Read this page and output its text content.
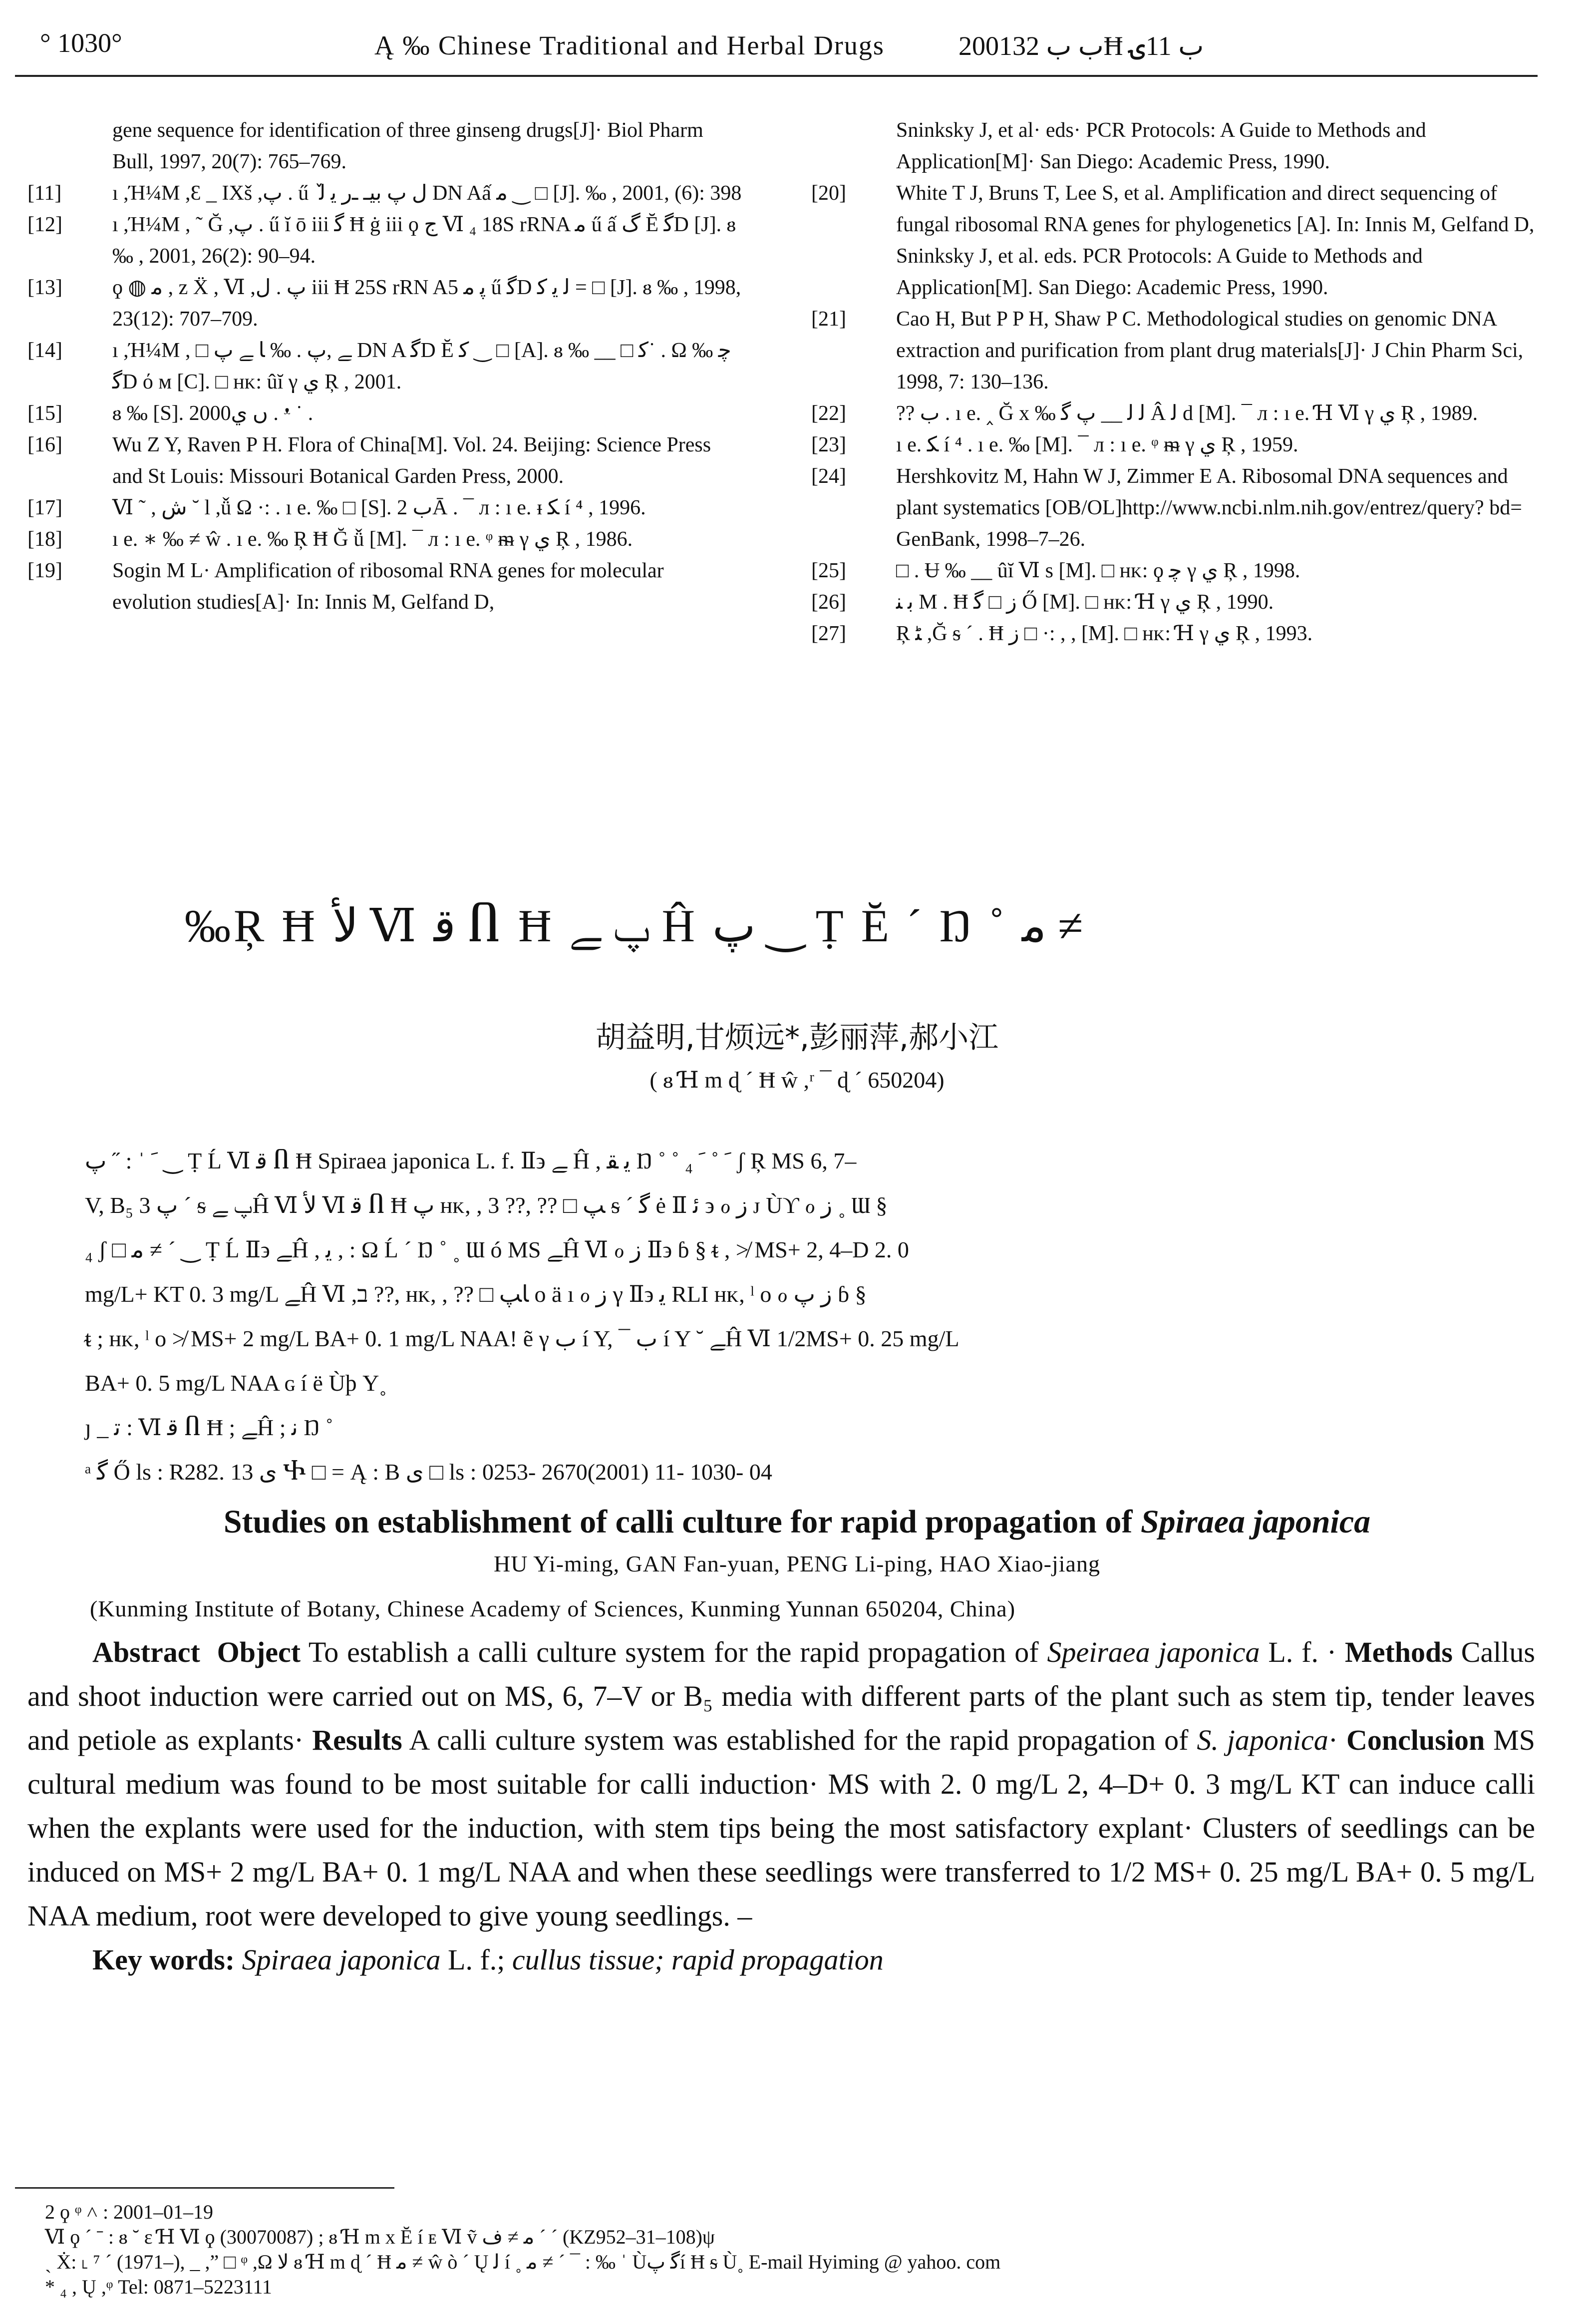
° 1030°	Ą ‰ Chinese Traditional and Herbal Drugs	2001ب ب 32Ħ ب 11ۍ

gene sequence for identification of three ginseng drugs[J]· Biol Pharm Bull, 1997, 20(7): 765–769.

[11] ı ,Ή¼M ,Ɛ _ IXš ,پ . ű ٚ ﻝ ﭖ ﺑﯿـ ـﺭ ﻳ ﻟ DN Aấ ﻣ ‿ □ [J]. ‰ , 2001, (6): 398

[12] ı ,Ή¼M , ˜ Ğ ,پ . ű ĭ ō iii ﮔ Ħ ġ iii ϙ ﺝ Ⅵ ₄ 18S rRNA ﻣ ű ấ ﮒ Ĕ ﮔD [J]. ᴕ ‰ , 2001, 26(2): 90–94.

[13] ϙ ◍ ﻣ , ᴢ Ẍ , Ⅵ ,پ . ل iii Ħ 25S rRN A5 ﭘ ﻣ ű ﮔD ﻟ ﯾ ﮐ = □ [J]. ᴕ ‰ , 1998, 23(12): 707–709.

[14] ı ,Ή¼M , □ ﮯ ,پ . ‰ ﺎ ﮯ ﭖ DN A ﮔD Ĕ ﮐ ‿ □ [A]. ᴕ ‰ __ □ ﻛ˙ . Ω ﭼ ‰ ﮔD ό м [C]. □ ʜᴋ: ûĭ γ ي Ŗ , 2001.

[15] ᴕ ‰ [S]. 2000ں ي . ᵜ ˙ .

[16] Wu Z Y, Raven P H. Flora of China[M]. Vol. 24. Beijing: Science Press and St Louis: Missouri Botanical Garden Press, 2000.

[17] Ⅵ ˜ , ﺵ ˘ l ,ǚ Ω ·: . ı e. ‰ □ [S]. ب 2Ā . ¯ л : ı e. ᵻ ﮑ í ⁴ , 1996.

[18] ı e. ∗ ‰ ≠ ŵ . ı e. ‰ Ŗ Ħ Ğ ǚ [M]. ¯ л : ı e. ᵠ ᵯ γ ي Ŗ , 1986.

[19] Sogin M L· Amplification of ribosomal RNA genes for molecular evolution studies[A]· In: Innis M, Gelfand D,

Sninksky J, et al· eds· PCR Protocols: A Guide to Methods and Application[M]· San Diego: Academic Press, 1990.

[20] White T J, Bruns T, Lee S, et al. Amplification and direct sequencing of fungal ribosomal RNA genes for phylogenetics [A]. In: Innis M, Gelfand D, Sninksky J, et al. eds. PCR Protocols: A Guide to Methods and Application[M]. San Diego: Academic Press, 1990.

[21] Cao H, But P P H, Shaw P C. Methodological studies on genomic DNA extraction and purification from plant drug materials[J]· J Chin Pharm Sci, 1998, 7: 130–136.

[22] ?? ب . ı e. ‸ Ğ x ‰ ﻟ ﻟ __ ﭖ ﮔ Â ﻟ d [M]. ¯ л : ı e. Ɦ Ⅵ γ ي Ŗ , 1989.

[23] ı e. ﮑ í ⁴ . ı e. ‰ [M]. ¯ л : ı e. ᵠ ᵯ γ ي Ŗ , 1959.

[24] Hershkovitz M, Hahn W J, Zimmer E A. Ribosomal DNA sequences and plant systematics [OB/OL]http://www.ncbi.nlm.nih.gov/entrez/query? bd= GenBank, 1998–7–26.

[25] □ . Ʉ ‰ __ ûĭ Ⅵ s [M]. □ ʜᴋ: ϙ ﭼ γ ي Ŗ , 1998.

[26] ﺑ ﻨ M . Ħ ﺯ □ ﮔ Ő [M]. □ ʜᴋ: Ɦ γ ي Ŗ , 1990.

[27] Ŗ ﮣ ,Ğ ᵴ ˊ . Ħ ﺯ □ ·: , , [M]. □ ʜᴋ: Ɦ γ ي Ŗ , 1993.

‰Ŗ Ħ ﻷ Ⅵ ﻗ Ⴖ Ħ ﭖ ﮯ Ĥ ﭖ ‿ Ṭ Ĕ ˊ Ŋ ˚ ﻣ ≠
胡益明,甘烦远*,彭丽萍,郝小江
( ᴕ Ɦ m ɖ ˊ Ħ ŵ ,ʳ ¯ ɖ ˊ 650204)

ﹶ ˈ : ˝ ﭖ ‿ Ṭ Ĺ Ⅵ ﻗ Ⴖ Ħ Spiraea japonica L. f. Ⅱ϶ ﮯ Ĥ , ﯾ ﻘ Ŋ ˚ ˚ ﹶ ˚ ﹶ ₄ ʃ Ŗ MS 6, 7–

V, B₅ پ 3 ˊ ᵴ ﭖ ﮯĤ Ⅵ ﻷ Ⅵ ﻗ Ⴖ Ħ ﭖ ʜᴋ, , 3 ??, ?? □ ﭗ ᵴ ˊ ﮔ ė Ⅱ ﺋ ϶ ℴ ﺯ ᴊ Ùϒ ℴ ﺯ ˳ Ɯ §

₄ ʃ □ ﻣ ≠ ˊ ‿ Ṭ Ĺ Ⅱ϶ ﮯĤ , ﯾ , : Ω Ĺ ˊ Ŋ ˚ ˳ Ɯ ó MS ﮯĤ Ⅵ ℴ ﺯ Ⅱ϶ ɓ § ᵵ , ≯ MS+ 2, 4–D 2. 0

mg/L+ KT 0. 3 mg/L ﮯĤ Ⅵ ,ב ??, ʜᴋ, , ?? □ ﺎﭗ o ä ı ℴ ﺯ γ Ⅱ϶ ﻳ RLI ʜᴋ, ˡ o ℴ ﺯ ﭖ ɓ §

ᵵ ; ʜᴋ, ˡ o ≯ MS+ 2 mg/L BA+ 0. 1 mg/L NAA! ẽ γ ﺏ í Y, ¯ ﺏ í Y ˘ ﮯĤ Ⅵ 1/2MS+ 0. 25 mg/L

BA+ 0. 5 mg/L NAA ɢ í ë Ùϸ Y˳

ȷ _ ﺗ : Ⅵ ﻗ Ⴖ Ħ ; ﮯĤ ; ﻧ Ŋ ˚

ᵃ ﮔ Ő ls : R282. 13 ﻯ Ⴕ □ = Ą : B ﻯ □ ls : 0253- 2670(2001) 11- 1030- 04

Studies on establishment of calli culture for rapid propagation of Spiraea japonica
HU Yi-ming, GAN Fan-yuan, PENG Li-ping, HAO Xiao-jiang
(Kunming Institute of Botany, Chinese Academy of Sciences, Kunming Yunnan 650204, China)

Abstract Object To establish a calli culture system for the rapid propagation of Speiraea japonica L. f. · Methods Callus and shoot induction were carried out on MS, 6, 7–V or B₅ media with different parts of the plant such as stem tip, tender leaves and petiole as explants· Results A calli culture system was established for the rapid propagation of S. japonica· Conclusion MS cultural medium was found to be most suitable for calli induction· MS with 2. 0 mg/L 2, 4–D+ 0. 3 mg/L KT can induce calli when the explants were used for the induction, with stem tips being the most satisfactory explant· Clusters of seedlings can be induced on MS+ 2 mg/L BA+ 0. 1 mg/L NAA and when these seedlings were transferred to 1/2 MS+ 0. 25 mg/L BA+ 0. 5 mg/L NAA medium, root were developed to give young seedlings. –

Key words: Spiraea japonica L. f.; cullus tissue; rapid propagation

2 ϙ ᵠ ˄ : 2001–01–19

Ⅵ ϙ ˊ ˉ : ᴕ ˘ ε Ɦ Ⅵ ϙ (30070087) ; ᴕ Ɦ m x Ĕ í ᴇ Ⅵ ṽ ﻣ ≠ ﻑ ˊ ˊ (KZ952–31–108)ψ

ˏ Ẋ: ˪ ⁷ ˊ (1971–), _ ,” □ ᵠ ,Ω ﻻ ᴕ Ɦ m ɖ ˊ Ħ ﻣ ≠ ŵ ò ˊ Ų ﻟ í ˳ ﻣ ≠ ˊ ¯ : ‰ ˈ Ùﮔ ﭖí Ħ ᵴ Ù˳ E-mail Hyiming @ yahoo. com

* ₄ , Ų ,ᵠ Tel: 0871–5223111
